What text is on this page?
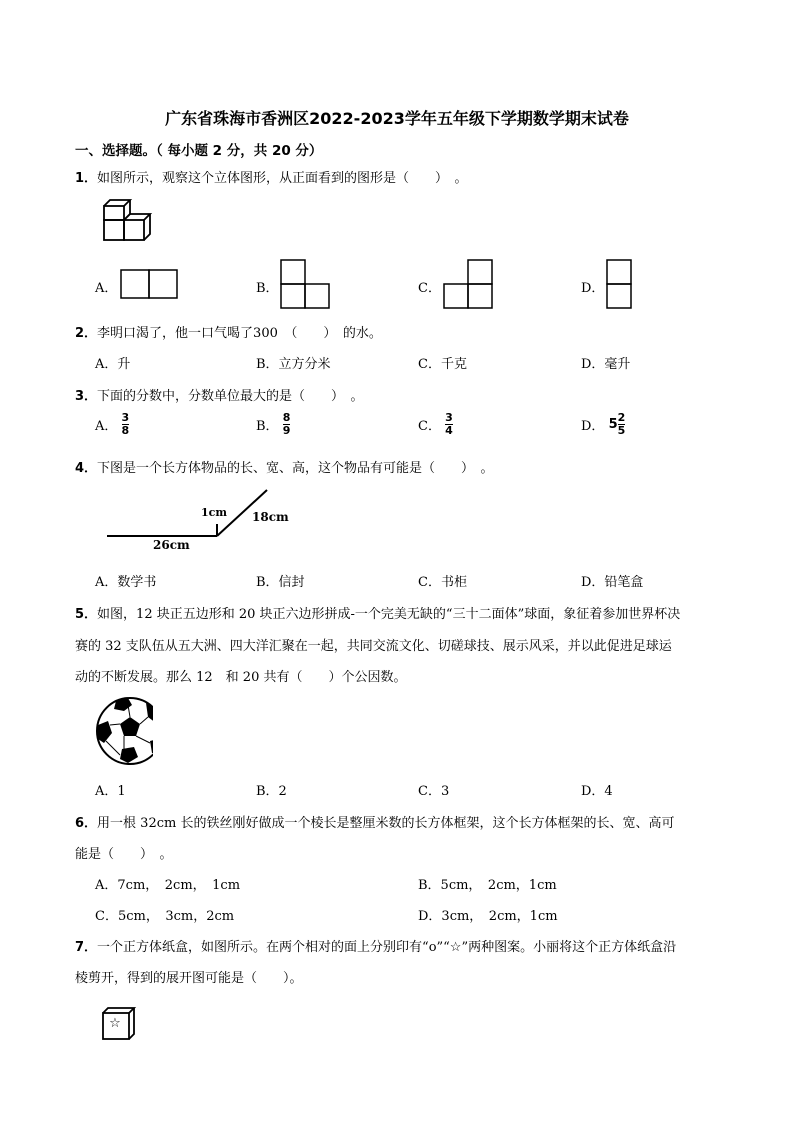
广东省珠海市香洲区2022-2023学年五年级下学期数学期末试卷
一、选择题。（ 每小题 2 分，共 20 分）
1．如图所示，观察这个立体图形，从正面看到的图形是（　　）　。
A．	B．	C．	D．
2．李明口渴了，他一口气喝了300　（　　）　的水。
A．升	B．立方分米	C．千克	D．毫升
3．下面的分数中，分数单位最大的是（　　）　。
A． $\frac{3}{8}$	B． $\frac{8}{9}$	C． $\frac{3}{4}$	D． $5 \frac{2}{5}$
4．下图是一个长方体物品的长、宽、高，这个物品有可能是（　　）　。
1cm 18cm
26cm
A．数学书	B．信封	C．书柜	D．铅笔盒
5．如图，12 块正五边形和 20 块正六边形拼成-一个完美无缺的“三十二面体”球面，象征着参加世界杯决
赛的 32 支队伍从五大洲、四大洋汇聚在一起，共同交流文化、切磋球技、展示风采，并以此促进足球运
动的不断发展。那么 12　和 20 共有（　　）个公因数。
A．1	B．2	C．3	D．4
6．用一根 32cm 长的铁丝刚好做成一个棱长是整厘米数的长方体框架，这个长方体框架的长、宽、高可
能是（　　）　。
A．7cm，　2cm，　1cm	B．5cm，　2cm，1cm
C．5cm，　3cm，2cm	D．3cm，　2cm，1cm
7．一个正方体纸盒，如图所示。在两个相对的面上分别印有“o”“☆”两种图案。小丽将这个正方体纸盒沿
棱剪开，得到的展开图可能是（　　）。
☆
